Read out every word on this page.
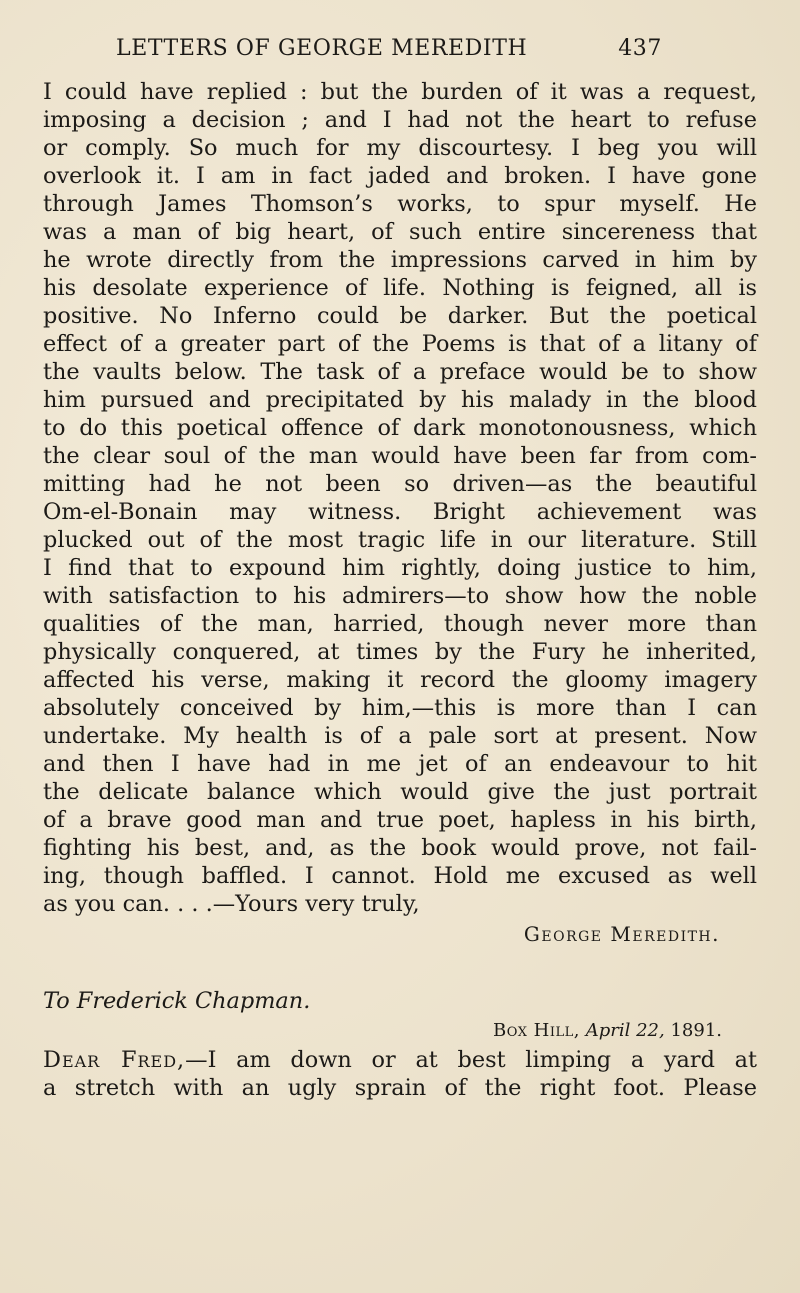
LETTERS OF GEORGE MEREDITH	437
I could have replied : but the burden of it was a request,
imposing a decision ; and I had not the heart to refuse
or comply. So much for my discourtesy. I beg you will
overlook it. I am in fact jaded and broken. I have gone
through James Thomson’s works, to spur myself. He
was a man of big heart, of such entire sincereness that
he wrote directly from the impressions carved in him by
his desolate experience of life. Nothing is feigned, all is
positive. No Inferno could be darker. But the poetical
effect of a greater part of the Poems is that of a litany of
the vaults below. The task of a preface would be to show
him pursued and precipitated by his malady in the blood
to do this poetical offence of dark monotonousness, which
the clear soul of the man would have been far from com-
mitting had he not been so driven—as the beautiful
Om-el-Bonain may witness. Bright achievement was
plucked out of the most tragic life in our literature. Still
I find that to expound him rightly, doing justice to him,
with satisfaction to his admirers—to show how the noble
qualities of the man, harried, though never more than
physically conquered, at times by the Fury he inherited,
affected his verse, making it record the gloomy imagery
absolutely conceived by him,—this is more than I can
undertake. My health is of a pale sort at present. Now
and then I have had in me jet of an endeavour to hit
the delicate balance which would give the just portrait
of a brave good man and true poet, hapless in his birth,
fighting his best, and, as the book would prove, not fail-
ing, though baffled. I cannot. Hold me excused as well
as you can. . . .—Yours very truly,
George Meredith.
To Frederick Chapman.
Box Hill, April 22, 1891.
Dear Fred,—I am down or at best limping a yard at
a stretch with an ugly sprain of the right foot. Please
